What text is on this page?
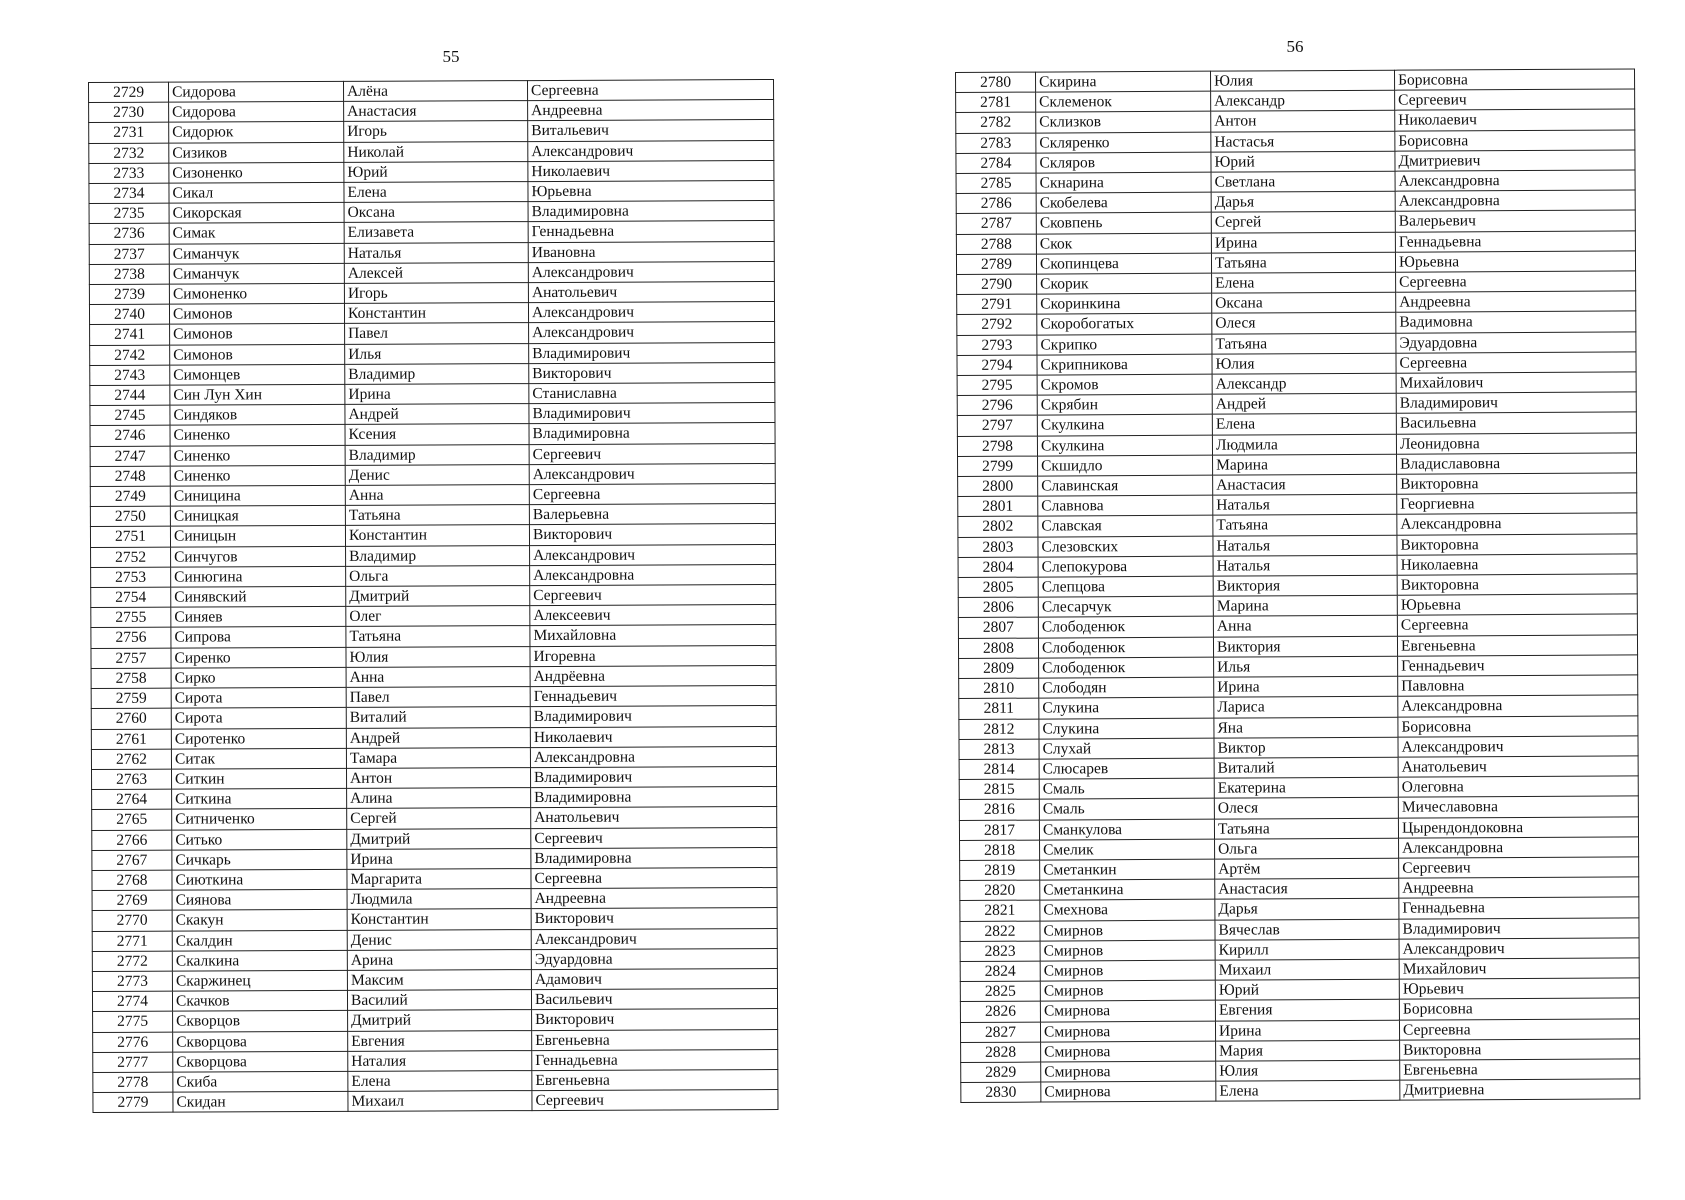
55
2729	Сидорова	Алёна	Сергеевна
2730	Сидорова	Анастасия	Андреевна
2731	Сидорюк	Игорь	Витальевич
2732	Сизиков	Николай	Александрович
2733	Сизоненко	Юрий	Николаевич
2734	Сикал	Елена	Юрьевна
2735	Сикорская	Оксана	Владимировна
2736	Симак	Елизавета	Геннадьевна
2737	Симанчук	Наталья	Ивановна
2738	Симанчук	Алексей	Александрович
2739	Симоненко	Игорь	Анатольевич
2740	Симонов	Константин	Александрович
2741	Симонов	Павел	Александрович
2742	Симонов	Илья	Владимирович
2743	Симонцев	Владимир	Викторович
2744	Син Лун Хин	Ирина	Станиславна
2745	Синдяков	Андрей	Владимирович
2746	Синенко	Ксения	Владимировна
2747	Синенко	Владимир	Сергеевич
2748	Синенко	Денис	Александрович
2749	Синицина	Анна	Сергеевна
2750	Синицкая	Татьяна	Валерьевна
2751	Синицын	Константин	Викторович
2752	Синчугов	Владимир	Александрович
2753	Синюгина	Ольга	Александровна
2754	Синявский	Дмитрий	Сергеевич
2755	Синяев	Олег	Алексеевич
2756	Сипрова	Татьяна	Михайловна
2757	Сиренко	Юлия	Игоревна
2758	Сирко	Анна	Андрёевна
2759	Сирота	Павел	Геннадьевич
2760	Сирота	Виталий	Владимирович
2761	Сиротенко	Андрей	Николаевич
2762	Ситак	Тамара	Александровна
2763	Ситкин	Антон	Владимирович
2764	Ситкина	Алина	Владимировна
2765	Ситниченко	Сергей	Анатольевич
2766	Ситько	Дмитрий	Сергеевич
2767	Сичкарь	Ирина	Владимировна
2768	Сиюткина	Маргарита	Сергеевна
2769	Сиянова	Людмила	Андреевна
2770	Скакун	Константин	Викторович
2771	Скалдин	Денис	Александрович
2772	Скалкина	Арина	Эдуардовна
2773	Скаржинец	Максим	Адамович
2774	Скачков	Василий	Васильевич
2775	Скворцов	Дмитрий	Викторович
2776	Скворцова	Евгения	Евгеньевна
2777	Скворцова	Наталия	Геннадьевна
2778	Скиба	Елена	Евгеньевна
2779	Скидан	Михаил	Сергеевич
56
2780	Скирина	Юлия	Борисовна
2781	Склеменок	Александр	Сергеевич
2782	Склизков	Антон	Николаевич
2783	Скляренко	Настасья	Борисовна
2784	Скляров	Юрий	Дмитриевич
2785	Скнарина	Светлана	Александровна
2786	Скобелева	Дарья	Александровна
2787	Сковпень	Сергей	Валерьевич
2788	Скок	Ирина	Геннадьевна
2789	Скопинцева	Татьяна	Юрьевна
2790	Скорик	Елена	Сергеевна
2791	Скоринкина	Оксана	Андреевна
2792	Скоробогатых	Олеся	Вадимовна
2793	Скрипко	Татьяна	Эдуардовна
2794	Скрипникова	Юлия	Сергеевна
2795	Скромов	Александр	Михайлович
2796	Скрябин	Андрей	Владимирович
2797	Скулкина	Елена	Васильевна
2798	Скулкина	Людмила	Леонидовна
2799	Скшидло	Марина	Владиславовна
2800	Славинская	Анастасия	Викторовна
2801	Славнова	Наталья	Георгиевна
2802	Славская	Татьяна	Александровна
2803	Слезовских	Наталья	Викторовна
2804	Слепокурова	Наталья	Николаевна
2805	Слепцова	Виктория	Викторовна
2806	Слесарчук	Марина	Юрьевна
2807	Слободенюк	Анна	Сергеевна
2808	Слободенюк	Виктория	Евгеньевна
2809	Слободенюк	Илья	Геннадьевич
2810	Слободян	Ирина	Павловна
2811	Слукина	Лариса	Александровна
2812	Слукина	Яна	Борисовна
2813	Слухай	Виктор	Александрович
2814	Слюсарев	Виталий	Анатольевич
2815	Смаль	Екатерина	Олеговна
2816	Смаль	Олеся	Мичеславовна
2817	Сманкулова	Татьяна	Цырендондоковна
2818	Смелик	Ольга	Александровна
2819	Сметанкин	Артём	Сергеевич
2820	Сметанкина	Анастасия	Андреевна
2821	Смехнова	Дарья	Геннадьевна
2822	Смирнов	Вячеслав	Владимирович
2823	Смирнов	Кирилл	Александрович
2824	Смирнов	Михаил	Михайлович
2825	Смирнов	Юрий	Юрьевич
2826	Смирнова	Евгения	Борисовна
2827	Смирнова	Ирина	Сергеевна
2828	Смирнова	Мария	Викторовна
2829	Смирнова	Юлия	Евгеньевна
2830	Смирнова	Елена	Дмитриевна
